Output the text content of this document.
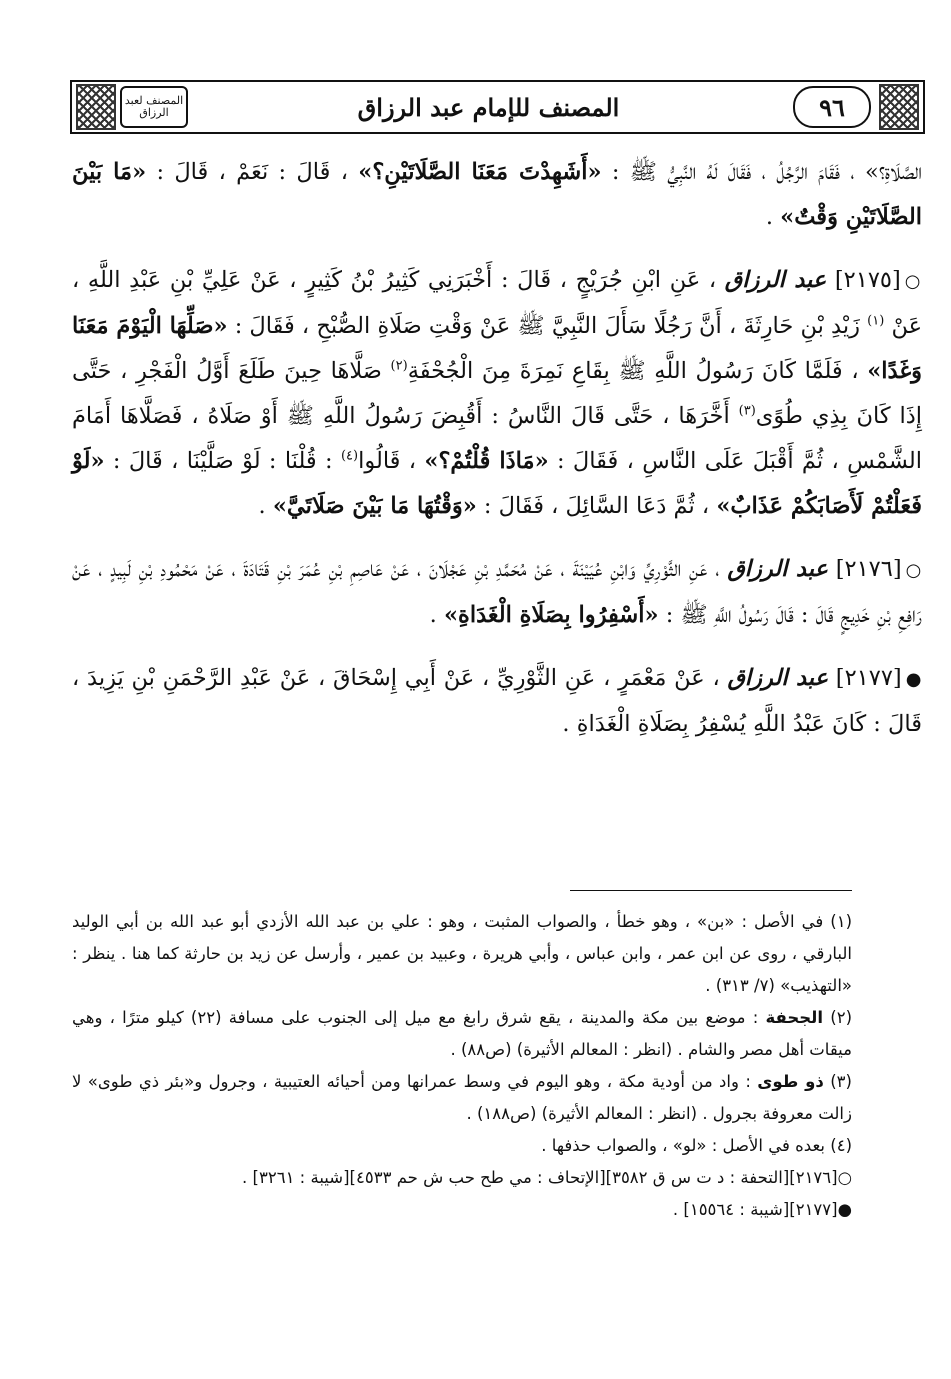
المصنف لعبد الرزاق	المصنف للإمام عبد الرزاق	٩٦

الصَّلَاةِ؟» ، فَقَامَ الرَّجُلُ ، فَقَالَ لَهُ النَّبِيُّ ﷺ : «أَشَهِدْتَ مَعَنَا الصَّلَاتَيْنِ؟» ، قَالَ : نَعَمْ ، قَالَ : «مَا بَيْنَ الصَّلَاتَيْنِ وَقْتٌ» .

○[٢١٧٥] عبد الرزاق ، عَنِ ابْنِ جُرَيْجٍ ، قَالَ : أَخْبَرَنِي كَثِيرُ بْنُ كَثِيرٍ ، عَنْ عَلِيِّ بْنِ عَبْدِ اللَّهِ ، عَنْ $^{(١)}$ زَيْدِ بْنِ حَارِثَةَ ، أَنَّ رَجُلًا سَأَلَ النَّبِيَّ ﷺ عَنْ وَقْتِ صَلَاةِ الصُّبْحِ ، فَقَالَ : «صَلِّهَا الْيَوْمَ مَعَنَا وَغَدًا» ، فَلَمَّا كَانَ رَسُولُ اللَّهِ ﷺ بِقَاعِ نَمِرَةَ مِنَ الْجُحْفَةِ$^{(٢)}$ صَلَّاهَا حِينَ طَلَعَ أَوَّلُ الْفَجْرِ ، حَتَّى إِذَا كَانَ بِذِي طُوًى$^{(٣)}$ أَخَّرَهَا ، حَتَّى قَالَ النَّاسُ : أَقُبِضَ رَسُولُ اللَّهِ ﷺ أَوْ صَلَاهُ ، فَصَلَّاهَا أَمَامَ الشَّمْسِ ، ثُمَّ أَقْبَلَ عَلَى النَّاسِ ، فَقَالَ : «مَاذَا قُلْتُمْ؟» ، قَالُوا$^{(٤)}$ : قُلْنَا : لَوْ صَلَّيْنَا ، قَالَ : «لَوْ فَعَلْتُمْ لَأَصَابَكُمْ عَذَابٌ» ، ثُمَّ دَعَا السَّائِلَ ، فَقَالَ : «وَقْتُهَا مَا بَيْنَ صَلَاتَيَّ» .

○[٢١٧٦] عبد الرزاق ، عَنِ الثَّوْرِيِّ وَابْنِ عُيَيْنَةَ ، عَنْ مُحَمَّدِ بْنِ عَجْلَانَ ، عَنْ عَاصِمِ بْنِ عُمَرَ بْنِ قَتَادَةَ ، عَنْ مَحْمُودِ بْنِ لَبِيدٍ ، عَنْ رَافِعِ بْنِ خَدِيجٍ قَالَ : قَالَ رَسُولُ اللَّهِ ﷺ : «أَسْفِرُوا بِصَلَاةِ الْغَدَاةِ» .

●[٢١٧٧] عبد الرزاق ، عَنْ مَعْمَرٍ ، عَنِ الثَّوْرِيِّ ، عَنْ أَبِي إِسْحَاقَ ، عَنْ عَبْدِ الرَّحْمَنِ بْنِ يَزِيدَ ، قَالَ : كَانَ عَبْدُ اللَّهِ يُسْفِرُ بِصَلَاةِ الْغَدَاةِ .

(١) في الأصل : «بن» ، وهو خطأ ، والصواب المثبت ، وهو : علي بن عبد الله الأزدي أبو عبد الله بن أبي الوليد البارقي ، روى عن ابن عمر ، وابن عباس ، وأبي هريرة ، وعبيد بن عمير ، وأرسل عن زيد بن حارثة كما هنا . ينظر : «التهذيب» (٧/ ٣١٣) .

(٢) الجحفة : موضع بين مكة والمدينة ، يقع شرق رابغ مع ميل إلى الجنوب على مسافة (٢٢) كيلو مترًا ، وهي ميقات أهل مصر والشام . (انظر : المعالم الأثيرة) (ص٨٨) .

(٣) ذو طوى : واد من أودية مكة ، وهو اليوم في وسط عمرانها ومن أحيائه العتيبية ، وجرول و«بئر ذي طوى» لا زالت معروفة بجرول . (انظر : المعالم الأثيرة) (ص١٨٨) .

(٤) بعده في الأصل : «لو» ، والصواب حذفها .

○[٢١٧٦][التحفة : د ت س ق ٣٥٨٢][الإتحاف : مي طح حب ش حم ٤٥٣٣][شيبة : ٣٢٦١] .

●[٢١٧٧][شيبة : ١٥٥٦٤] .
